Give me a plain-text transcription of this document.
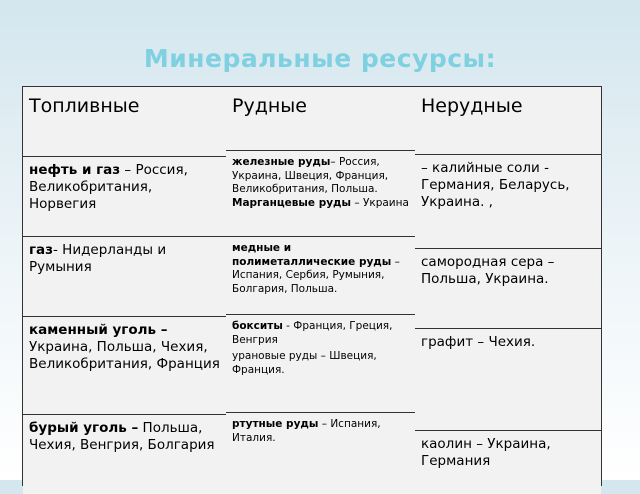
Минеральные ресурсы:
Топливные
нефть и газ – Россия, Великобритания, Норвегия
газ- Нидерланды и Румыния
каменный уголь – Украина, Польша, Чехия, Великобритания, Франция
бурый уголь – Польша, Чехия, Венгрия, Болгария
Рудные
железные руды– Россия, Украина, Швеция, Франция, Великобритания, Польша. Марганцевые руды – Украина
медные и полиметаллические руды – Испания, Сербия, Румыния, Болгария, Польша.
бокситы - Франция, Греция, Венгрия
урановые руды – Швеция, Франция.
ртутные руды – Испания, Италия.
Нерудные
– калийные соли - Германия, Беларусь, Украина. ,
самородная сера – Польша, Украина.
графит – Чехия.
каолин – Украина, Германия
